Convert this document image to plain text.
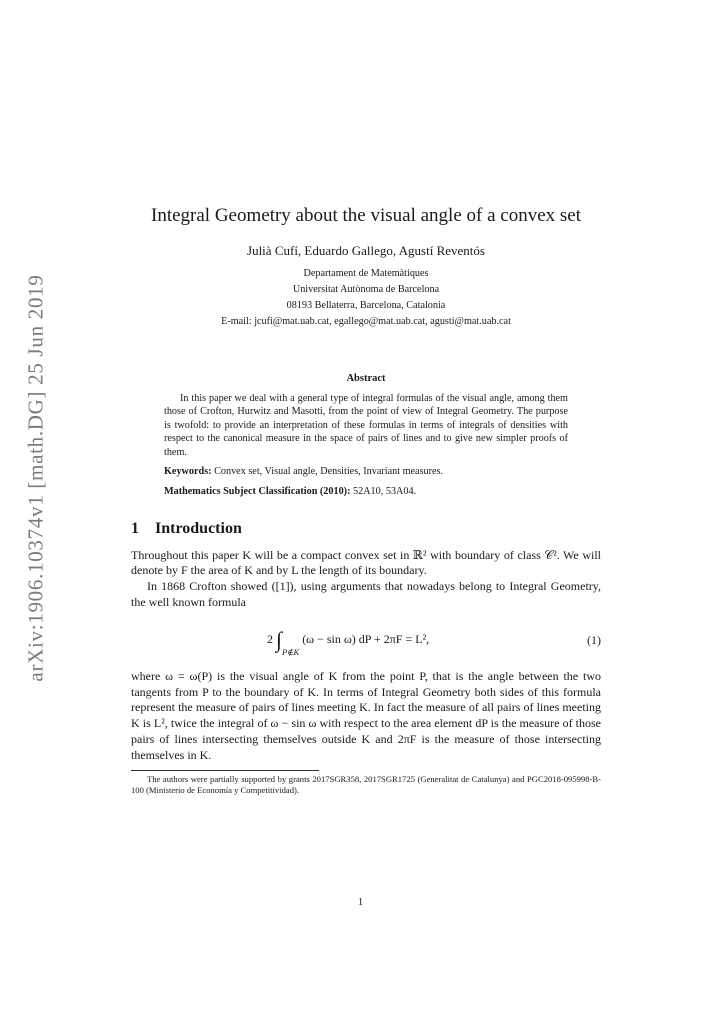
arXiv:1906.10374v1 [math.DG] 25 Jun 2019
Integral Geometry about the visual angle of a convex set
Julià Cufí, Eduardo Gallego, Agustí Reventós
Departament de Matemàtiques
Universitat Autònoma de Barcelona
08193 Bellaterra, Barcelona, Catalonia
E-mail: jcufi@mat.uab.cat, egallego@mat.uab.cat, agusti@mat.uab.cat
Abstract
In this paper we deal with a general type of integral formulas of the visual angle, among them those of Crofton, Hurwitz and Masotti, from the point of view of Integral Geometry. The purpose is twofold: to provide an interpretation of these formulas in terms of integrals of densities with respect to the canonical measure in the space of pairs of lines and to give new simpler proofs of them.
Keywords: Convex set, Visual angle, Densities, Invariant measures.
Mathematics Subject Classification (2010): 52A10, 53A04.
1 Introduction
Throughout this paper K will be a compact convex set in ℝ² with boundary of class 𝒞². We will denote by F the area of K and by L the length of its boundary.
In 1868 Crofton showed ([1]), using arguments that nowadays belong to Integral Geometry, the well known formula
2 $\int_{P\notin K}$ (ω − sin ω) dP + 2πF = L²,	(1)
where ω = ω(P) is the visual angle of K from the point P, that is the angle between the two tangents from P to the boundary of K. In terms of Integral Geometry both sides of this formula represent the measure of pairs of lines meeting K. In fact the measure of all pairs of lines meeting K is L², twice the integral of ω − sin ω with respect to the area element dP is the measure of those pairs of lines intersecting themselves outside K and 2πF is the measure of those intersecting themselves in K.
The authors were partially supported by grants 2017SGR358, 2017SGR1725 (Generalitat de Catalunya) and PGC2018-095998-B-100 (Ministerio de Economía y Competitividad).
1
